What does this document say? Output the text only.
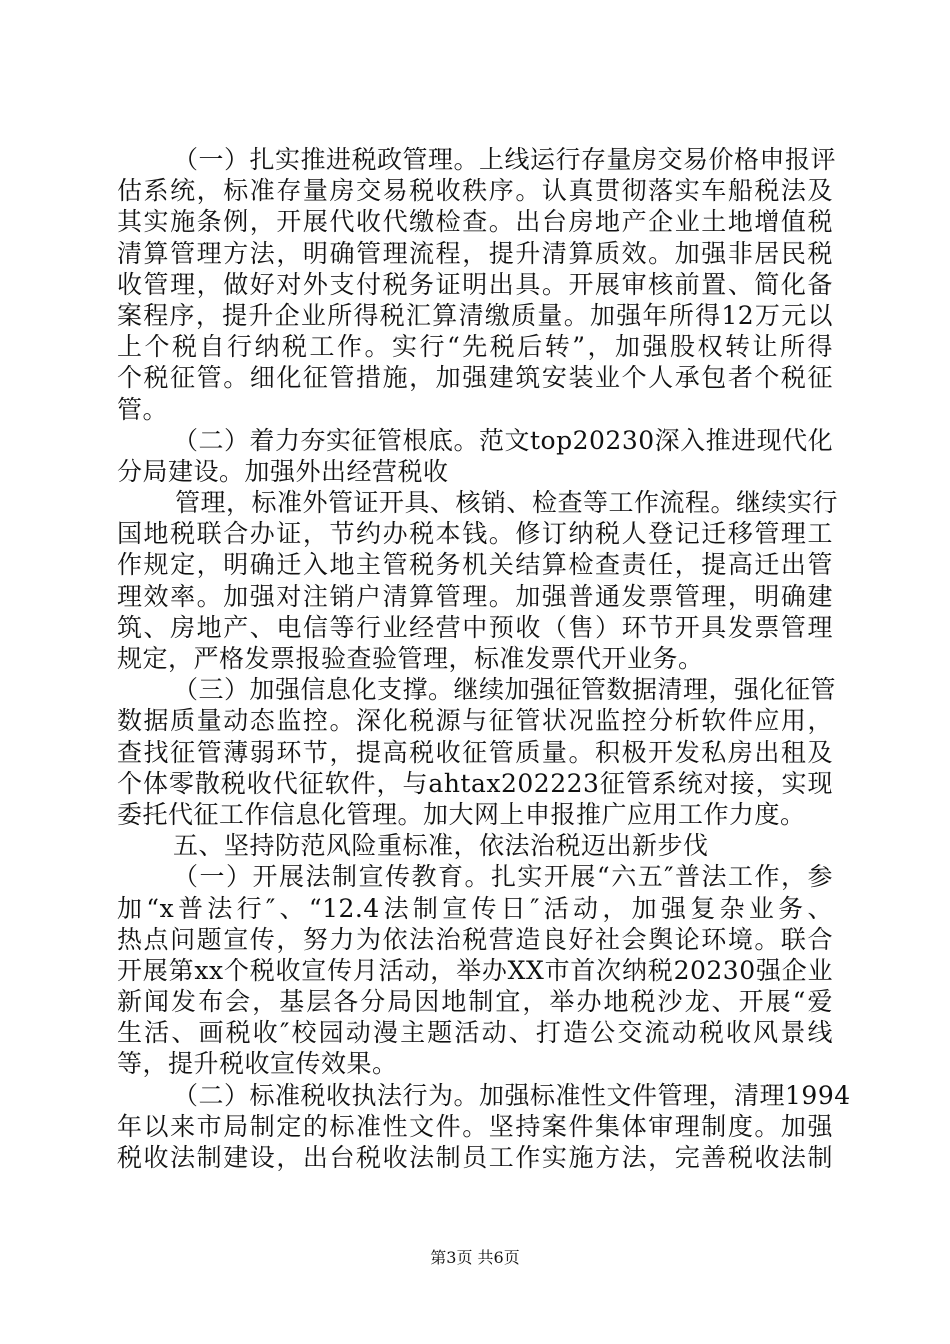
（一）扎实推进税政管理。上线运行存量房交易价格申报评
估系统，标准存量房交易税收秩序。认真贯彻落实车船税法及
其实施条例，开展代收代缴检查。出台房地产企业土地增值税
清算管理方法，明确管理流程，提升清算质效。加强非居民税
收管理，做好对外支付税务证明出具。开展审核前置、简化备
案程序，提升企业所得税汇算清缴质量。加强年所得12万元以
上个税自行纳税工作。实行“先税后转”，加强股权转让所得
个税征管。细化征管措施，加强建筑安装业个人承包者个税征
管。
（二）着力夯实征管根底。范文top20230深入推进现代化
分局建设。加强外出经营税收
管理，标准外管证开具、核销、检查等工作流程。继续实行
国地税联合办证，节约办税本钱。修订纳税人登记迁移管理工
作规定，明确迁入地主管税务机关结算检查责任，提高迁出管
理效率。加强对注销户清算管理。加强普通发票管理，明确建
筑、房地产、电信等行业经营中预收（售）环节开具发票管理
规定，严格发票报验查验管理，标准发票代开业务。
（三）加强信息化支撑。继续加强征管数据清理，强化征管
数据质量动态监控。深化税源与征管状况监控分析软件应用，
查找征管薄弱环节，提高税收征管质量。积极开发私房出租及
个体零散税收代征软件，与ahtax202223征管系统对接，实现
委托代征工作信息化管理。加大网上申报推广应用工作力度。
五、坚持防范风险重标准，依法治税迈出新步伐
（一）开展法制宣传教育。扎实开展“六五″普法工作，参
加“x普法行″、“12.4法制宣传日″活动，加强复杂业务、
热点问题宣传，努力为依法治税营造良好社会舆论环境。联合
开展第xx个税收宣传月活动，举办XX市首次纳税20230强企业
新闻发布会，基层各分局因地制宜，举办地税沙龙、开展“爱
生活、画税收″校园动漫主题活动、打造公交流动税收风景线
等，提升税收宣传效果。
（二）标准税收执法行为。加强标准性文件管理，清理1994
年以来市局制定的标准性文件。坚持案件集体审理制度。加强
税收法制建设，出台税收法制员工作实施方法，完善税收法制
第3页 共6页
